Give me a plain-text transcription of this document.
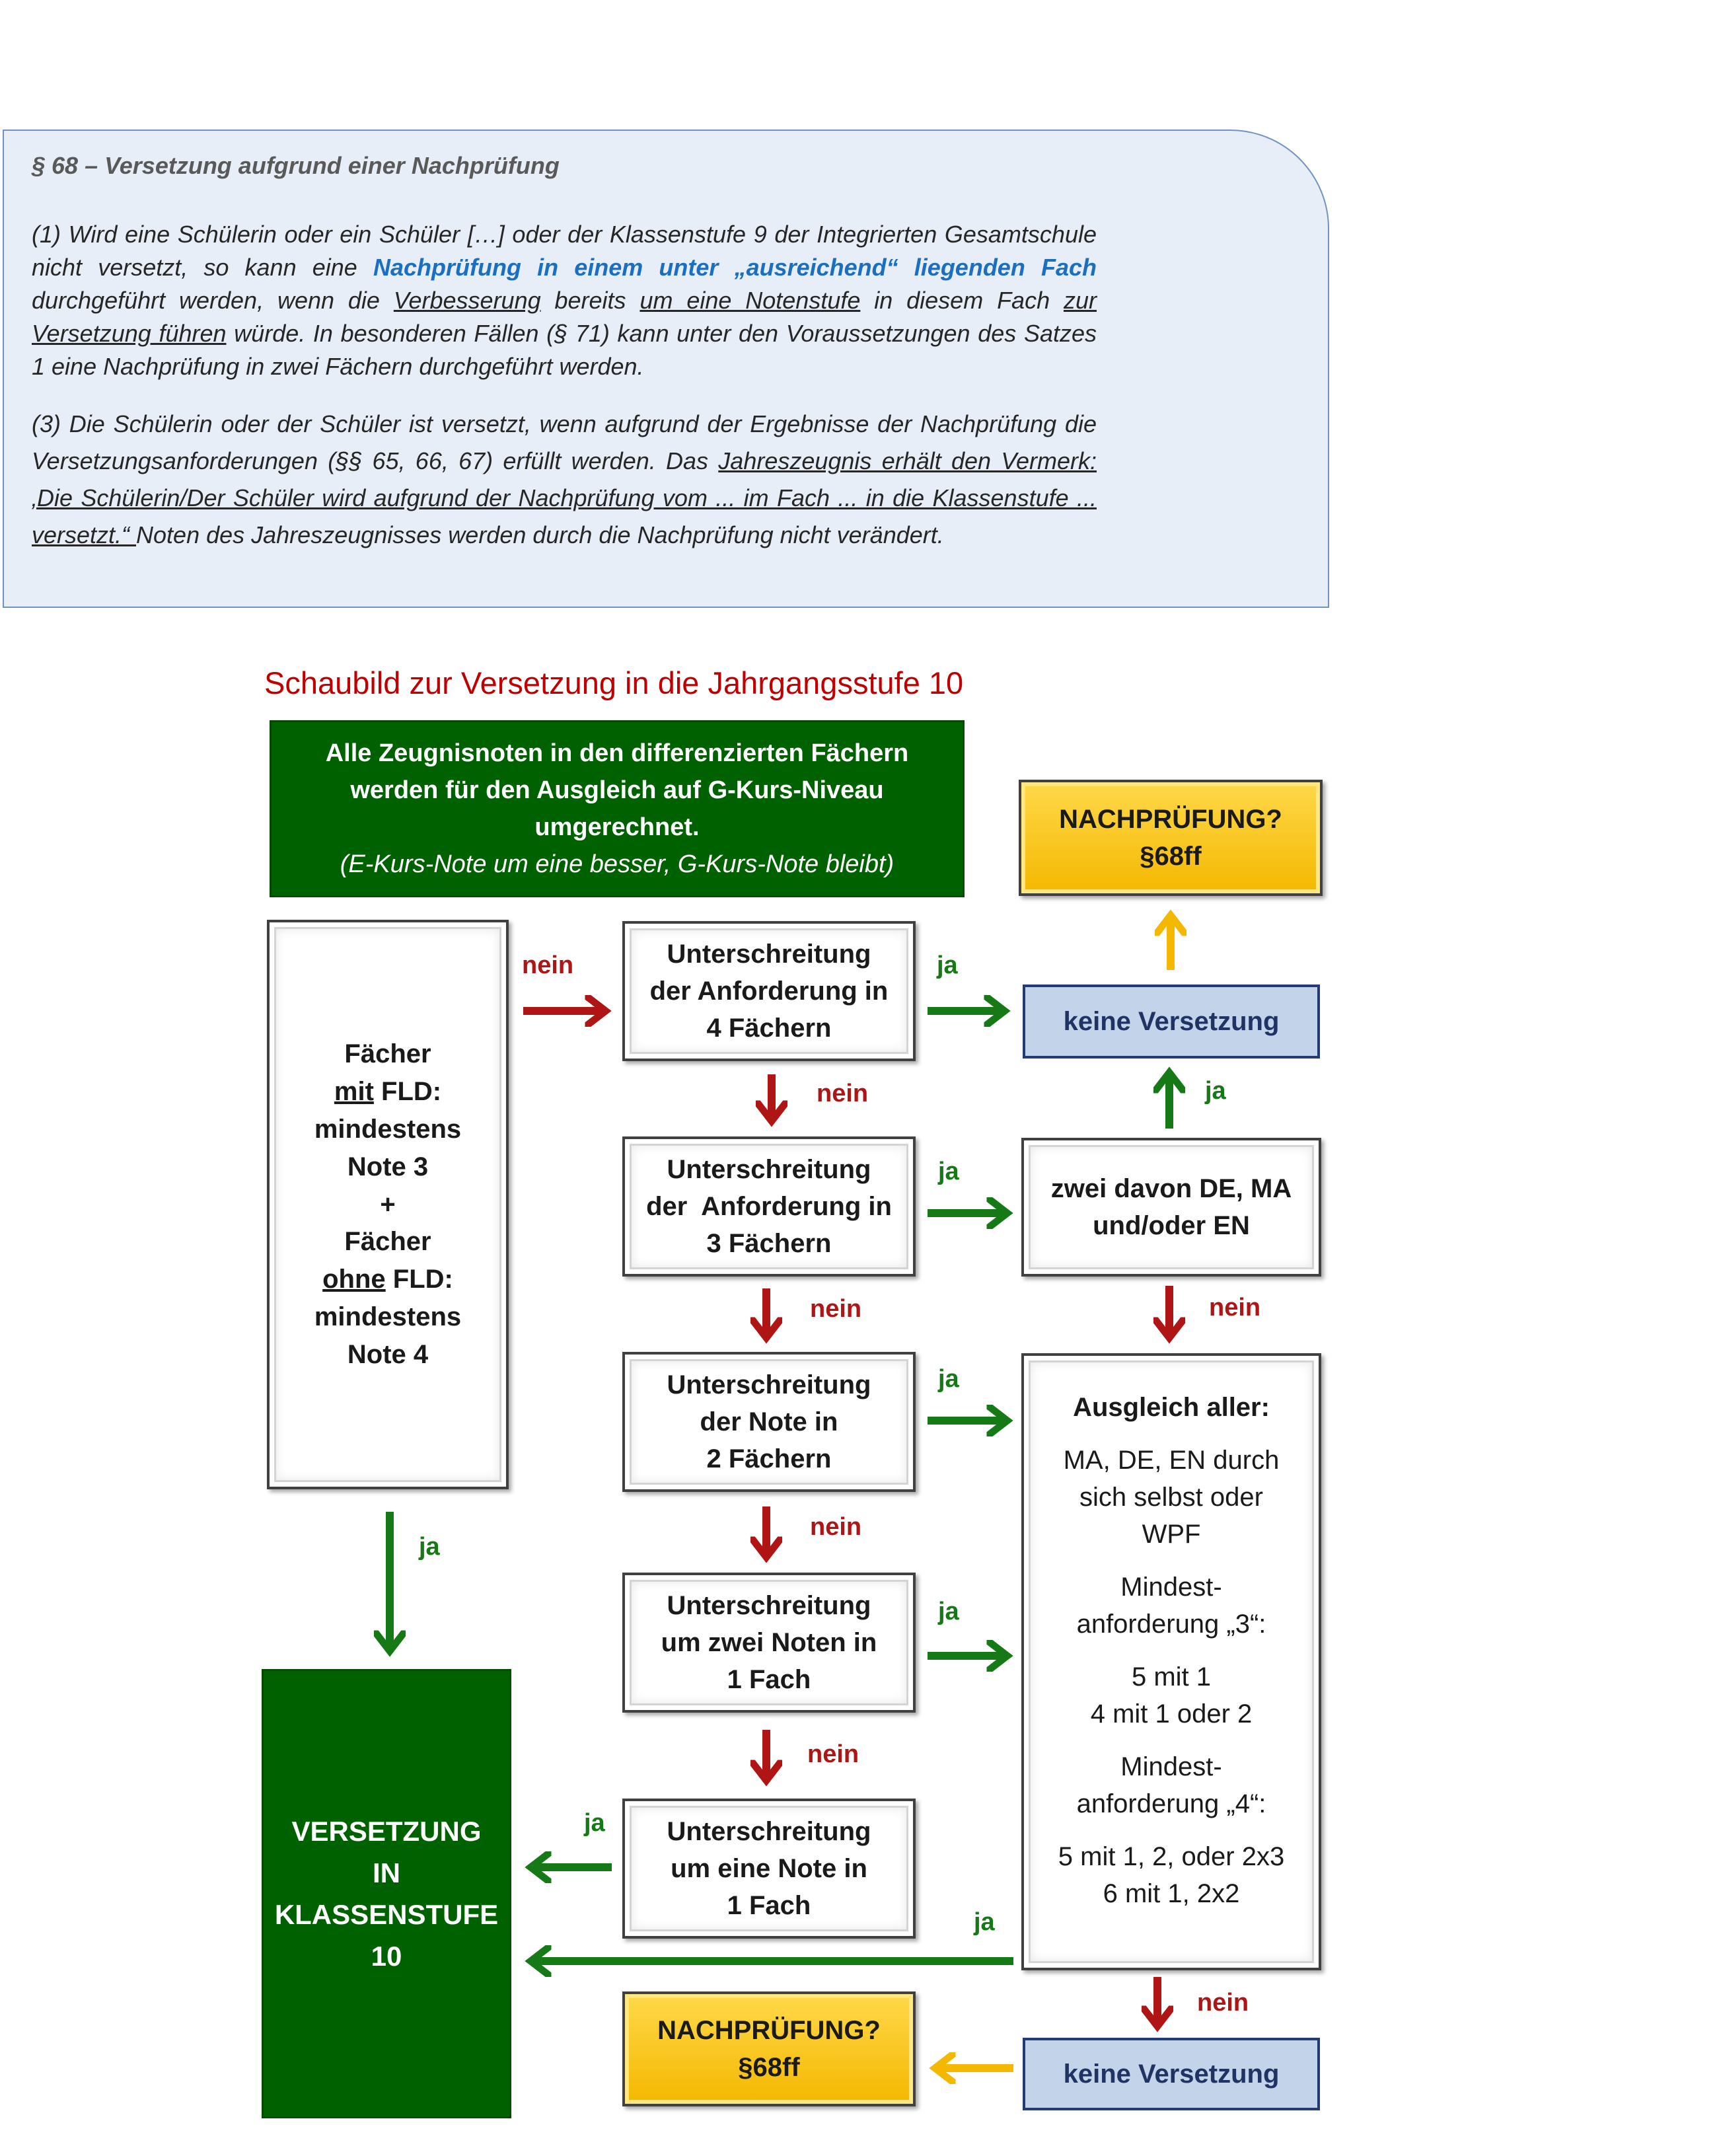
§ 68 – Versetzung aufgrund einer Nachprüfung
(1) Wird eine Schülerin oder ein Schüler […] oder der Klassenstufe 9 der Integrierten Gesamtschule nicht versetzt, so kann eine Nachprüfung in einem unter „ausreichend“ liegenden Fach durchgeführt werden, wenn die Verbesserung bereits um eine Notenstufe in diesem Fach zur Versetzung führen würde. In besonderen Fällen (§ 71) kann unter den Voraussetzungen des Satzes 1 eine Nachprüfung in zwei Fächern durchgeführt werden.
(3) Die Schülerin oder der Schüler ist versetzt, wenn aufgrund der Ergebnisse der Nachprüfung die Versetzungsanforderungen (§§ 65, 66, 67) erfüllt werden. Das Jahreszeugnis erhält den Vermerk: ‚Die Schülerin/Der Schüler wird aufgrund der Nachprüfung vom ... im Fach ... in die Klassenstufe ... versetzt.“ Noten des Jahreszeugnisses werden durch die Nachprüfung nicht verändert.
Schaubild zur Versetzung in die Jahrgangsstufe 10
Alle Zeugnisnoten in den differenzierten Fächern
werden für den Ausgleich auf G-Kurs-Niveau
umgerechnet.
(E-Kurs-Note um eine besser, G-Kurs-Note bleibt)
NACHPRÜFUNG?
§68ff
Fächer
mit FLD:
mindestens
Note 3
+
Fächer
ohne FLD:
mindestens
Note 4
Unterschreitung
der Anforderung in
4 Fächern
Unterschreitung
der  Anforderung in
3 Fächern
Unterschreitung
der Note in
2 Fächern
Unterschreitung
um zwei Noten in
1 Fach
Unterschreitung
um eine Note in
1 Fach
keine Versetzung
zwei davon DE, MA
und/oder EN
Ausgleich aller:
MA, DE, EN durch
sich selbst oder
WPF
Mindest-
anforderung „3“:
5 mit 1
4 mit 1 oder 2
Mindest-
anforderung „4“:
5 mit 1, 2, oder 2x3
6 mit 1, 2x2
VERSETZUNG
IN
KLASSENSTUFE
10
NACHPRÜFUNG?
§68ff	keine Versetzung
nein	ja
nein	ja
ja
nein	nein
ja
nein
ja
ja
nein
ja
ja
nein
